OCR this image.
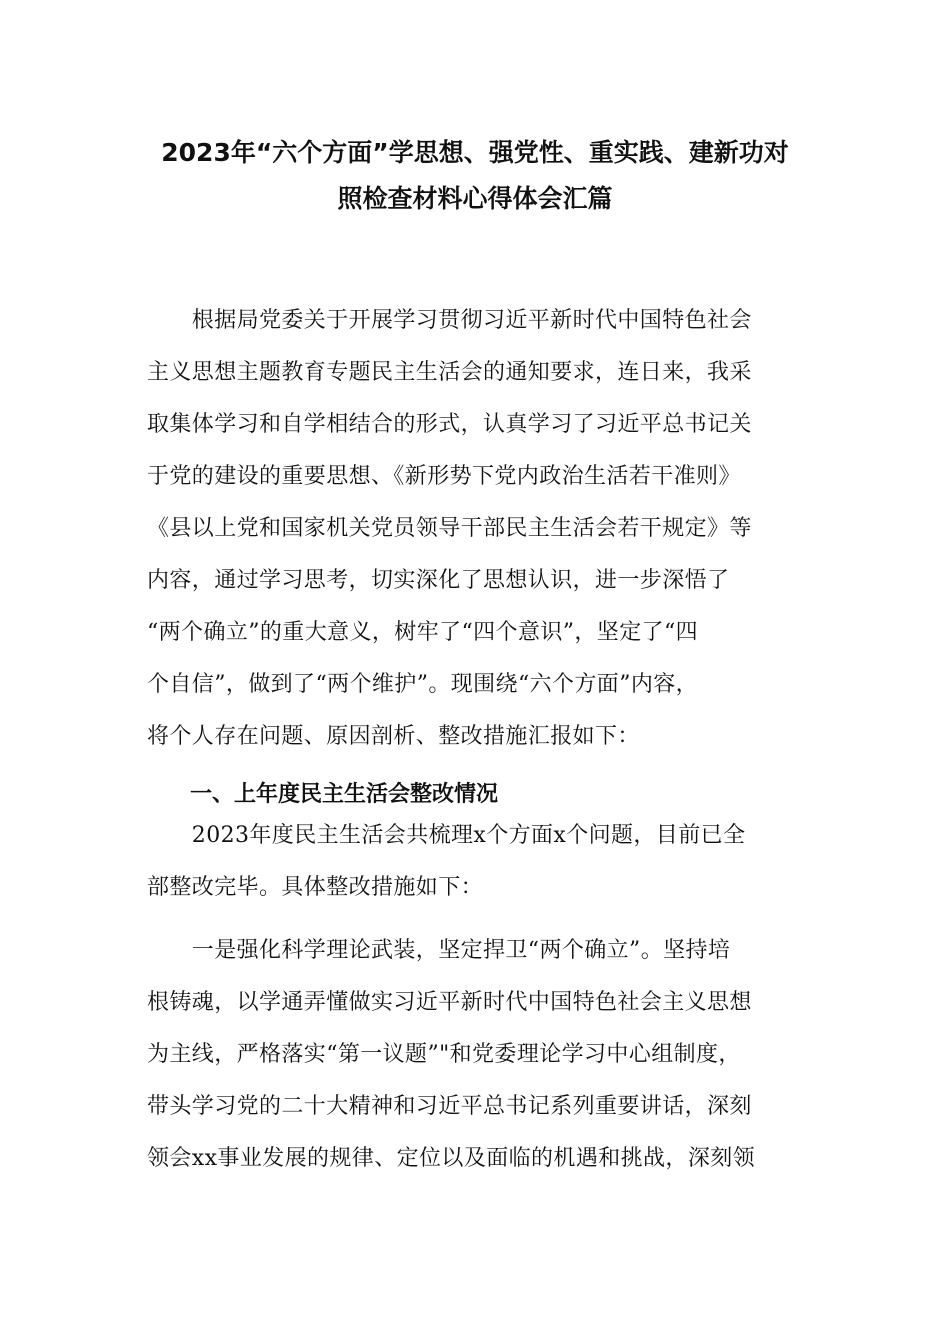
2023年“六个方面”学思想、强党性、重实践、建新功对
照检查材料心得体会汇篇
　　根据局党委关于开展学习贯彻习近平新时代中国特色社会
主义思想主题教育专题民主生活会的通知要求，连日来，我采
取集体学习和自学相结合的形式，认真学习了习近平总书记关
于党的建设的重要思想、《新形势下党内政治生活若干准则》
《县以上党和国家机关党员领导干部民主生活会若干规定》等
内容，通过学习思考，切实深化了思想认识，进一步深悟了
“两个确立”的重大意义，树牢了“四个意识”，坚定了“四
个自信”，做到了“两个维护”。现围绕“六个方面”内容，
将个人存在问题、原因剖析、整改措施汇报如下：
一、上年度民主生活会整改情况
　　2023年度民主生活会共梳理x个方面x个问题，目前已全
部整改完毕。具体整改措施如下：
　　一是强化科学理论武装，坚定捍卫“两个确立”。坚持培
根铸魂，以学通弄懂做实习近平新时代中国特色社会主义思想
为主线，严格落实“第一议题”"和党委理论学习中心组制度，
带头学习党的二十大精神和习近平总书记系列重要讲话，深刻
领会xx事业发展的规律、定位以及面临的机遇和挑战，深刻领
